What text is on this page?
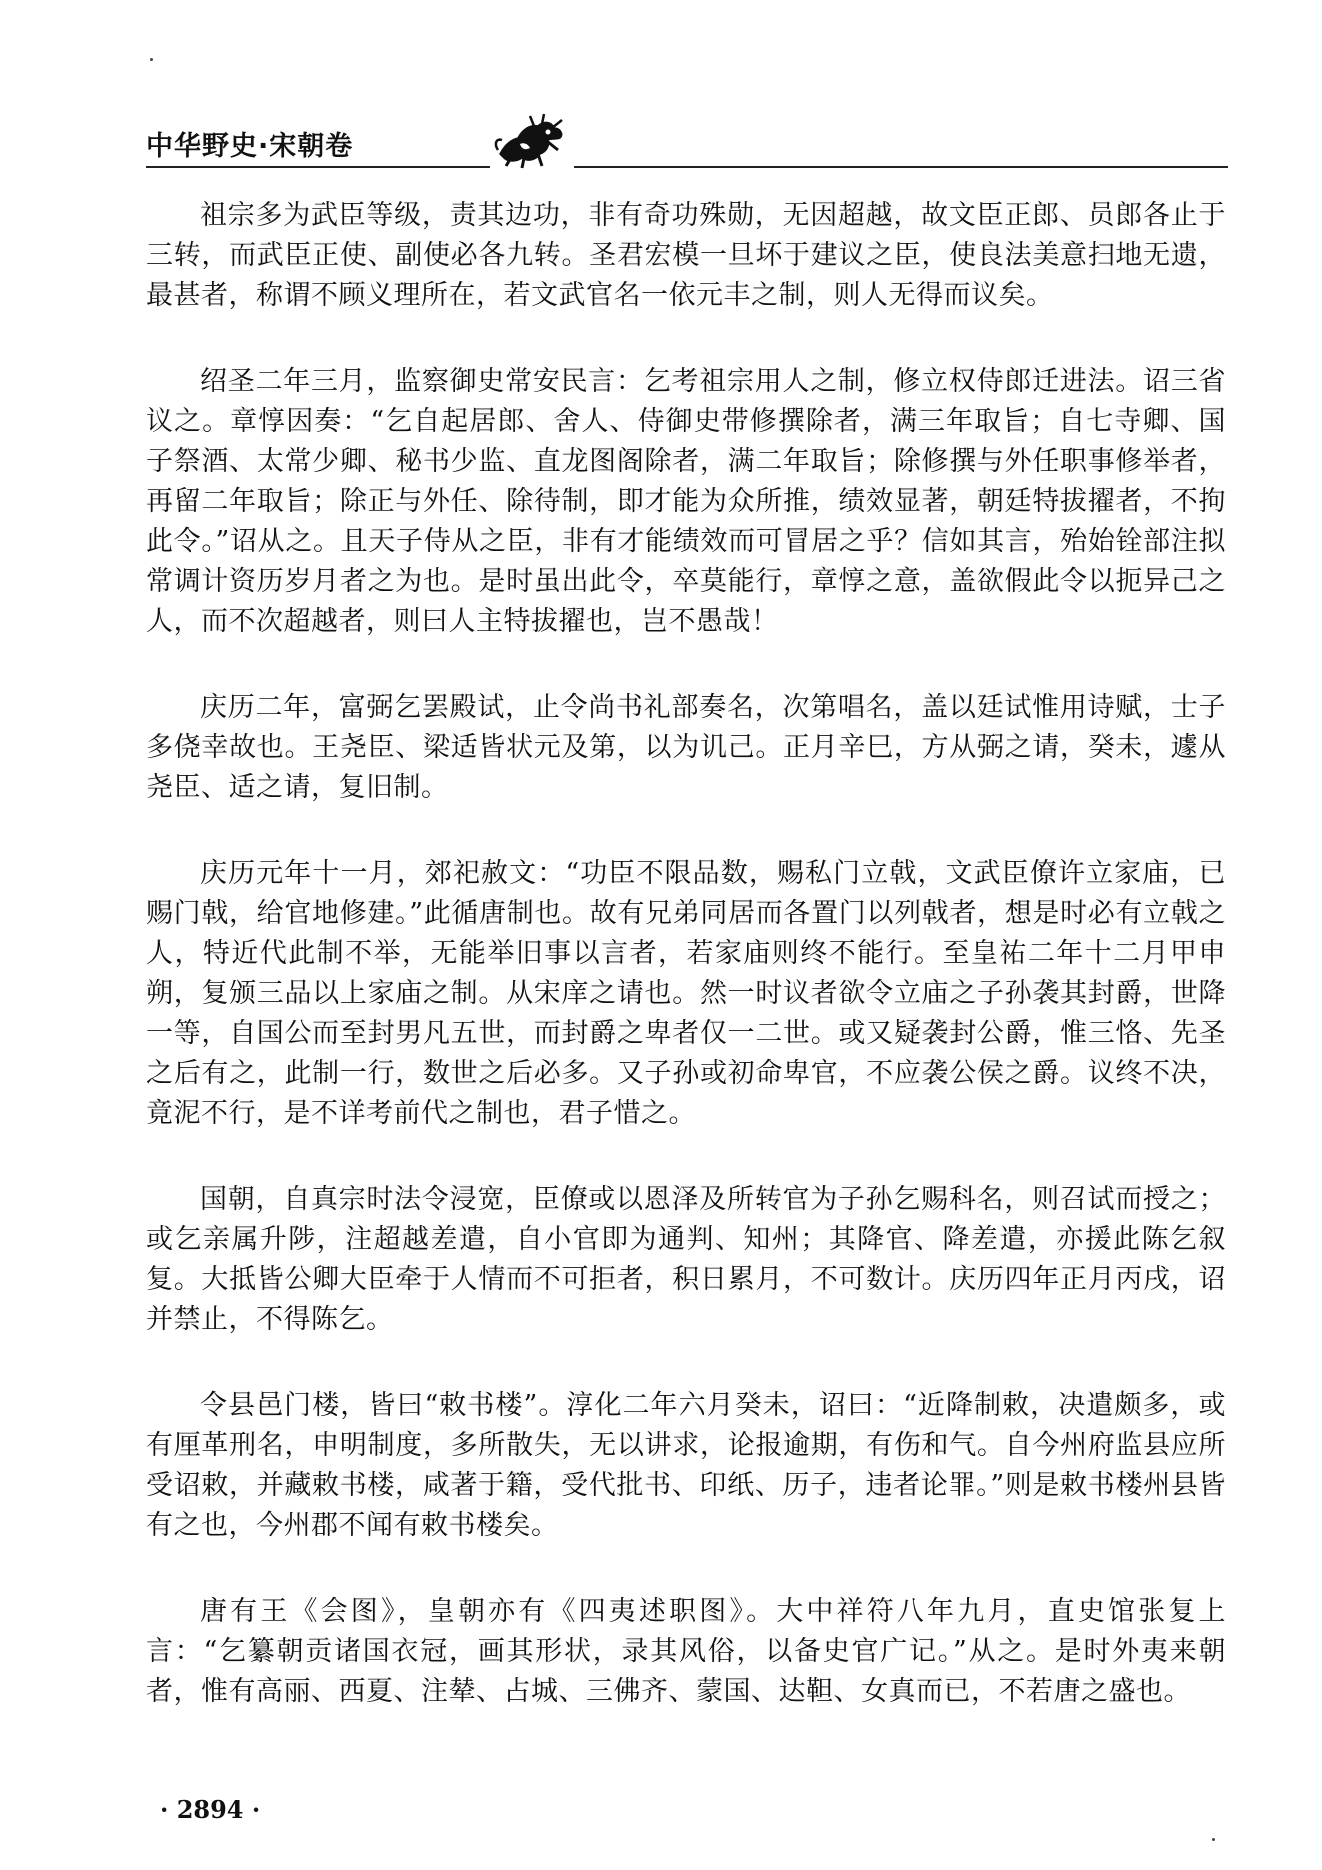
中华野史·宋朝卷

祖宗多为武臣等级，责其边功，非有奇功殊勋，无因超越，故文臣正郎、员郎各止于三转，而武臣正使、副使必各九转。圣君宏模一旦坏于建议之臣，使良法美意扫地无遗，最甚者，称谓不顾义理所在，若文武官名一依元丰之制，则人无得而议矣。

绍圣二年三月，监察御史常安民言：乞考祖宗用人之制，修立权侍郎迁进法。诏三省议之。章惇因奏：“乞自起居郎、舍人、侍御史带修撰除者，满三年取旨；自七寺卿、国子祭酒、太常少卿、秘书少监、直龙图阁除者，满二年取旨；除修撰与外任职事修举者，再留二年取旨；除正与外任、除待制，即才能为众所推，绩效显著，朝廷特拔擢者，不拘此令。”诏从之。且天子侍从之臣，非有才能绩效而可冒居之乎？信如其言，殆始铨部注拟常调计资历岁月者之为也。是时虽出此令，卒莫能行，章惇之意，盖欲假此令以扼异己之人，而不次超越者，则曰人主特拔擢也，岂不愚哉！

庆历二年，富弼乞罢殿试，止令尚书礼部奏名，次第唱名，盖以廷试惟用诗赋，士子多侥幸故也。王尧臣、梁适皆状元及第，以为讥己。正月辛巳，方从弼之请，癸未，遽从尧臣、适之请，复旧制。

庆历元年十一月，郊祀赦文：“功臣不限品数，赐私门立戟，文武臣僚许立家庙，已赐门戟，给官地修建。”此循唐制也。故有兄弟同居而各置门以列戟者，想是时必有立戟之人，特近代此制不举，无能举旧事以言者，若家庙则终不能行。至皇祐二年十二月甲申朔，复颁三品以上家庙之制。从宋庠之请也。然一时议者欲令立庙之子孙袭其封爵，世降一等，自国公而至封男凡五世，而封爵之卑者仅一二世。或又疑袭封公爵，惟三恪、先圣之后有之，此制一行，数世之后必多。又子孙或初命卑官，不应袭公侯之爵。议终不决，竟泥不行，是不详考前代之制也，君子惜之。

国朝，自真宗时法令浸宽，臣僚或以恩泽及所转官为子孙乞赐科名，则召试而授之；或乞亲属升陟，注超越差遣，自小官即为通判、知州；其降官、降差遣，亦援此陈乞叙复。大抵皆公卿大臣牵于人情而不可拒者，积日累月，不可数计。庆历四年正月丙戌，诏并禁止，不得陈乞。

令县邑门楼，皆曰“敕书楼”。淳化二年六月癸未，诏曰：“近降制敕，决遣颇多，或有厘革刑名，申明制度，多所散失，无以讲求，论报逾期，有伤和气。自今州府监县应所受诏敕，并藏敕书楼，咸著于籍，受代批书、印纸、历子，违者论罪。”则是敕书楼州县皆有之也，今州郡不闻有敕书楼矣。

唐有王《会图》，皇朝亦有《四夷述职图》。大中祥符八年九月，直史馆张复上言：“乞纂朝贡诸国衣冠，画其形状，录其风俗，以备史官广记。”从之。是时外夷来朝者，惟有高丽、西夏、注辇、占城、三佛齐、蒙国、达靼、女真而已，不若唐之盛也。

· 2894 ·
